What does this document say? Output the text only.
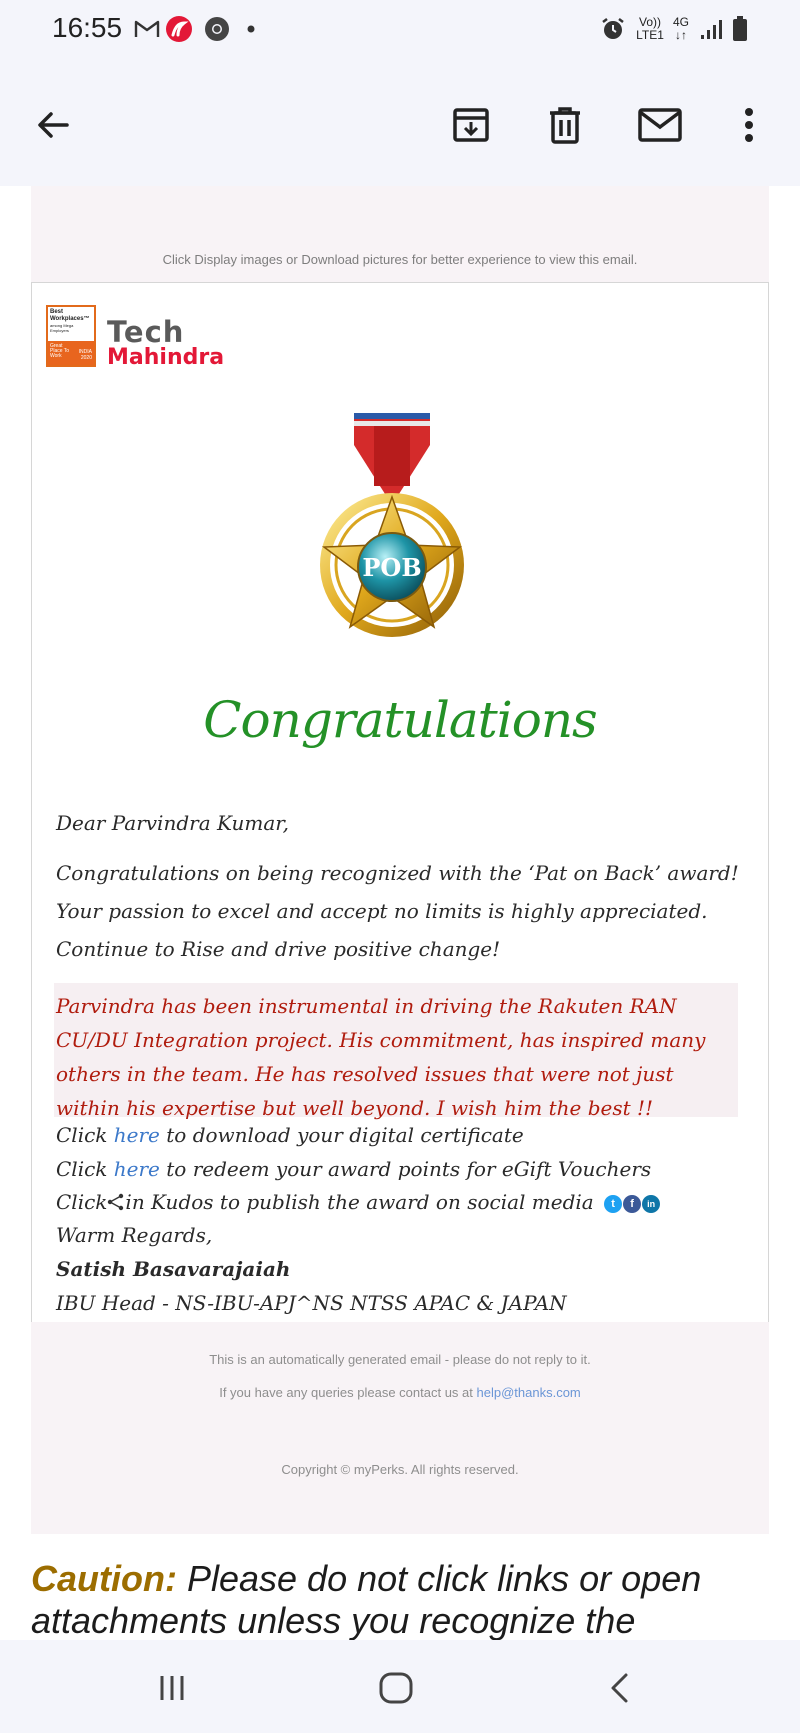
16:55	Vo))
LTE1
4G
↓↑
Click Display images or Download pictures for better experience to view this email.
Best
Workplaces™
among Mega
Employers
Great Place To Work
INDIA
2020
Tech
Mahindra
POB
Congratulations
Dear Parvindra Kumar,
Congratulations on being recognized with the ‘Pat on Back’ award!
Your passion to excel and accept no limits is highly appreciated.
Continue to Rise and drive positive change!

Parvindra has been instrumental in driving the Rakuten RAN CU/DU Integration project. His commitment, has inspired many others in the team. He has resolved issues that were not just within his expertise but well beyond. I wish him the best !!

Click here to download your digital certificate
Click here to redeem your award points for eGift Vouchers
Click in Kudos to publish the award on social media	t	f	in
Warm Regards,
Satish Basavarajaiah
IBU Head - NS-IBU-APJ^NS NTSS APAC & JAPAN
This is an automatically generated email - please do not reply to it.
If you have any queries please contact us at help@thanks.com
Copyright © myPerks. All rights reserved.
Caution: Please do not click links or open attachments unless you recognize the
